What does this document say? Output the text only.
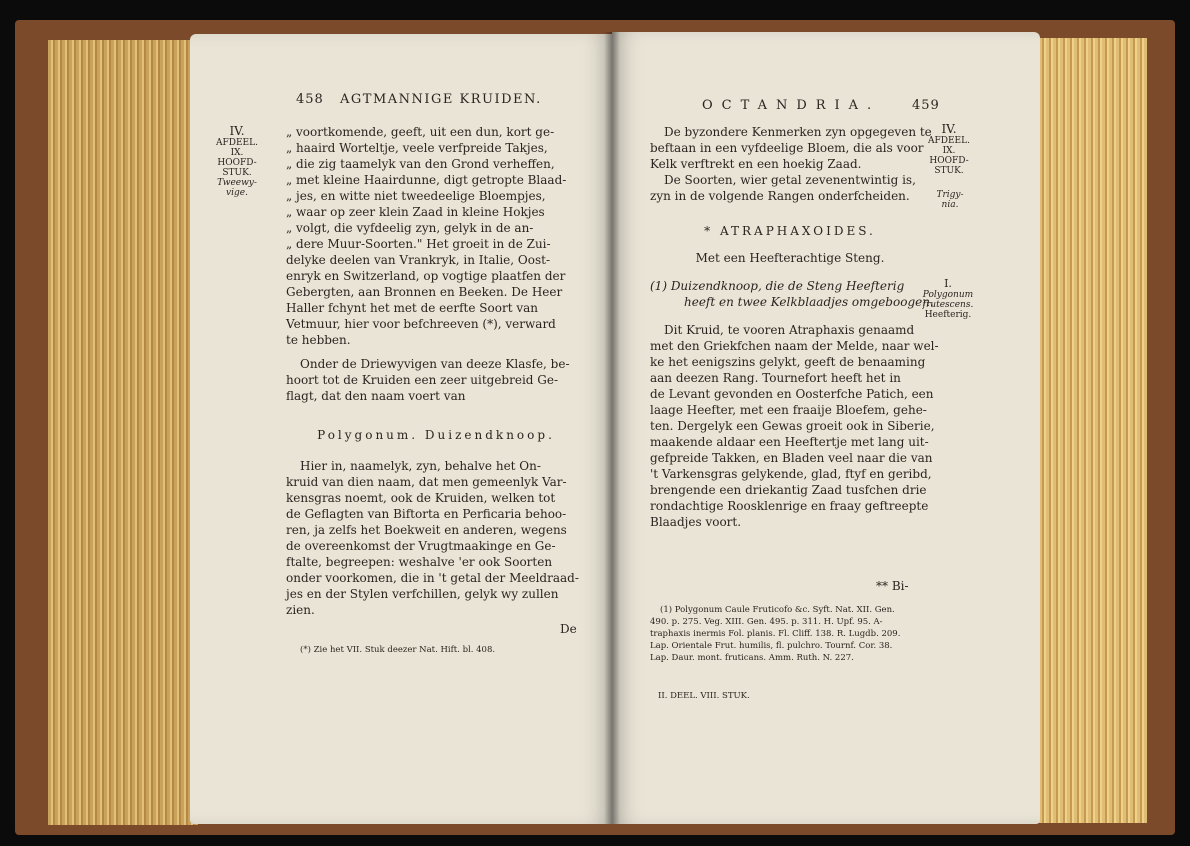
458 AGTMANNIGE KRUIDEN.
IV.
AFDEEL.
IX.
HOOFD-
STUK.
Tweewy-
vige.
„ voortkomende, geeft, uit een dun, kort ge-
„ haaird Worteltje, veele verfpreide Takjes,
„ die zig taamelyk van den Grond verheffen,
„ met kleine Haairdunne, digt getropte Blaad-
„ jes, en witte niet tweedeelige Bloempjes,
„ waar op zeer klein Zaad in kleine Hokjes
„ volgt, die vyfdeelig zyn, gelyk in de an-
„ dere Muur-Soorten." Het groeit in de Zui-
delyke deelen van Vrankryk, in Italie, Oost-
enryk en Switzerland, op vogtige plaatfen der
Gebergten, aan Bronnen en Beeken. De Heer
Haller fchynt het met de eerfte Soort van
Vetmuur, hier voor befchreeven (*), verward
te hebben.
Onder de Driewyvigen van deeze Klasfe, be-
hoort tot de Kruiden een zeer uitgebreid Ge-
flagt, dat den naam voert van
Polygonum. Duizendknoop.
Hier in, naamelyk, zyn, behalve het On-
kruid van dien naam, dat men gemeenlyk Var-
kensgras noemt, ook de Kruiden, welken tot
de Geflagten van Biftorta en Perficaria behoo-
ren, ja zelfs het Boekweit en anderen, wegens
de overeenkomst der Vrugtmaakinge en Ge-
ftalte, begreepen: weshalve 'er ook Soorten
onder voorkomen, die in 't getal der Meeldraad-
jes en der Stylen verfchillen, gelyk wy zullen
zien.
De
(*) Zie het VII. Stuk deezer Nat. Hift. bl. 408.
OCTANDRIA. 459
IV.
AFDEEL.
IX.
HOOFD-
STUK.
Trigy-
nia.
De byzondere Kenmerken zyn opgegeven te
beftaan in een vyfdeelige Bloem, die als voor
Kelk verftrekt en een hoekig Zaad.
De Soorten, wier getal zevenentwintig is,
zyn in de volgende Rangen onderfcheiden.
* ATRAPHAXOIDES.
Met een Heefterachtige Steng.
(1) Duizendknoop, die de Steng Heefterig
heeft en twee Kelkblaadjes omgeboogen.
I.
Polygonum
frutescens.
Heefterig.
Dit Kruid, te vooren Atraphaxis genaamd
met den Griekfchen naam der Melde, naar wel-
ke het eenigszins gelykt, geeft de benaaming
aan deezen Rang. Tournefort heeft het in
de Levant gevonden en Oosterfche Patich, een
laage Heefter, met een fraaije Bloefem, gehe-
ten. Dergelyk een Gewas groeit ook in Siberie,
maakende aldaar een Heeftertje met lang uit-
gefpreide Takken, en Bladen veel naar die van
't Varkensgras gelykende, glad, ftyf en geribd,
brengende een driekantig Zaad tusfchen drie
rondachtige Roosklenrige en fraay geftreepte
Blaadjes voort.
** Bi-
(1) Polygonum Caule Fruticofo &c. Syft. Nat. XII. Gen.
490. p. 275. Veg. XIII. Gen. 495. p. 311. H. Upf. 95. A-
traphaxis inermis Fol. planis. Fl. Cliff. 138. R. Lugdb. 209.
Lap. Orientale Frut. humilis, fl. pulchro. Tournf. Cor. 38.
Lap. Daur. mont. fruticans. Amm. Ruth. N. 227.
II. DEEL. VIII. STUK.
